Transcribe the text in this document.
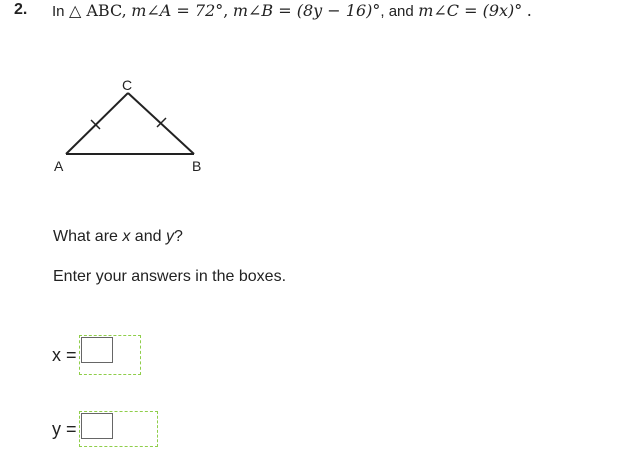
2. In △ ABC, m∠A = 72°, m∠B = (8y − 16)°, and m∠C = (9x)° .
A	B
C
What are x and y?
Enter your answers in the boxes.
x =
y =
